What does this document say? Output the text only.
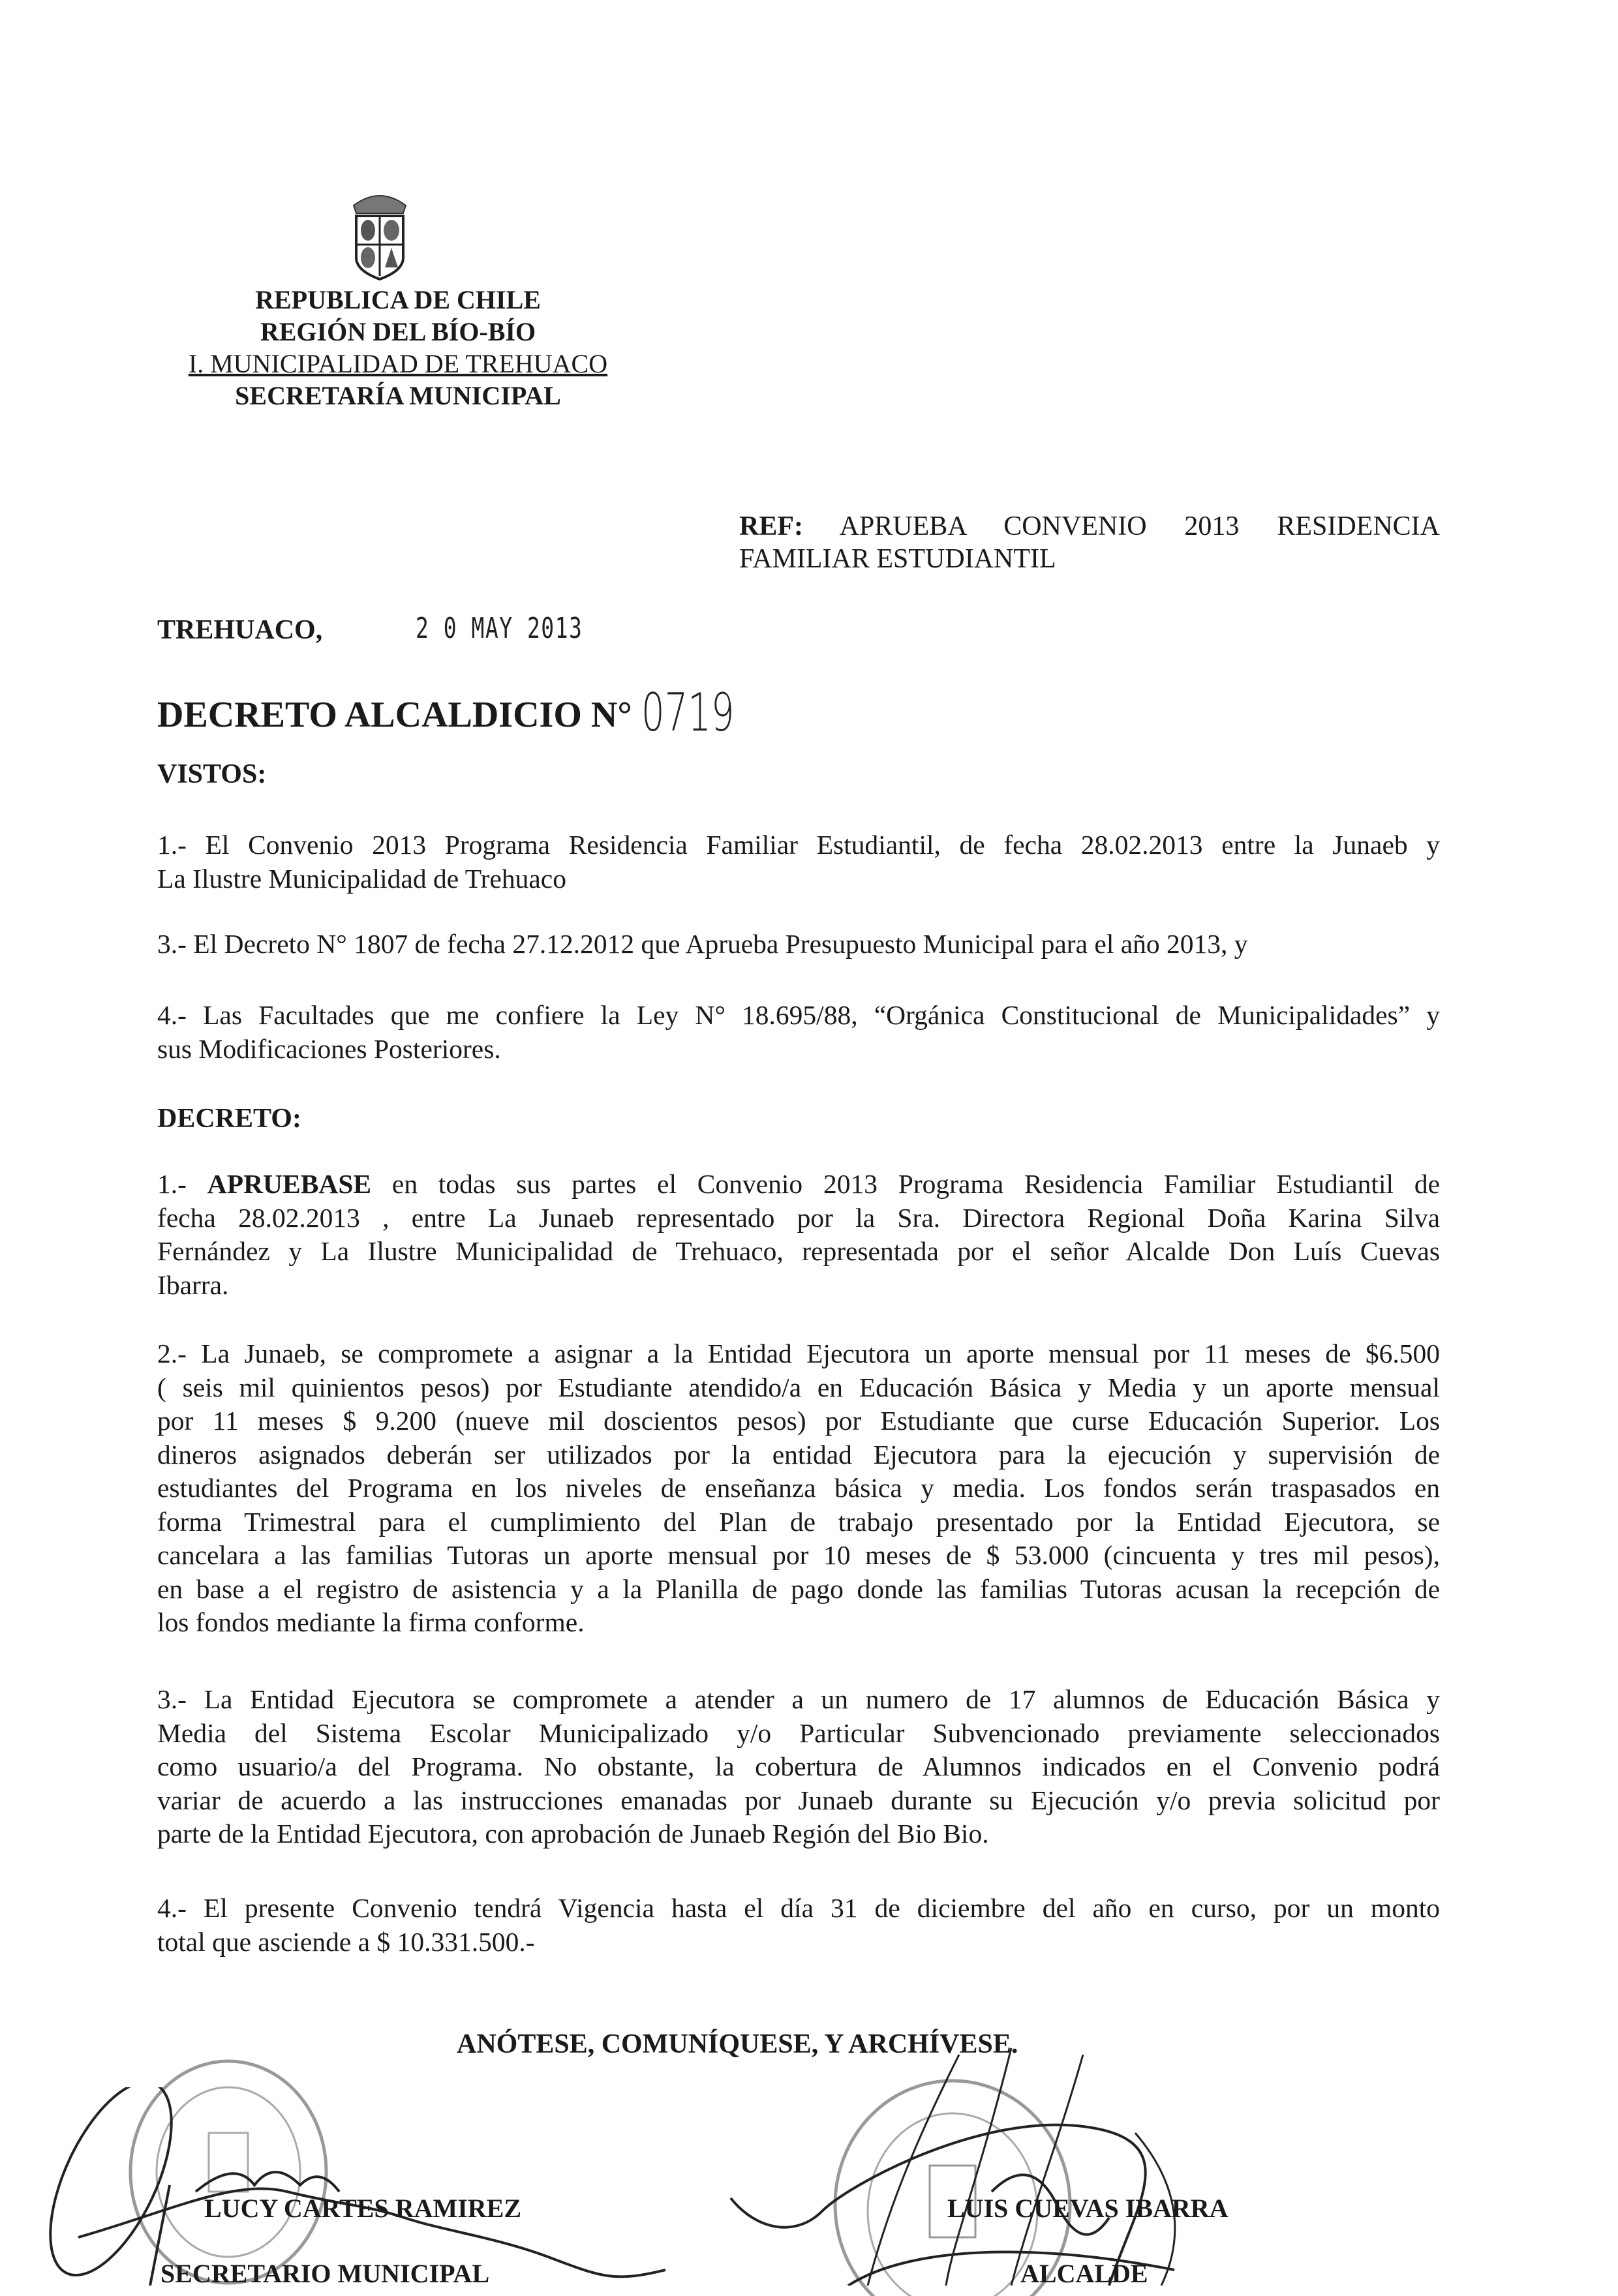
REPUBLICA DE CHILE
REGIÓN DEL BÍO-BÍO
I. MUNICIPALIDAD DE TREHUACO
SECRETARÍA MUNICIPAL
REF: APRUEBA CONVENIO 2013 RESIDENCIA
FAMILIAR ESTUDIANTIL
TREHUACO,	2 0 MAY 2013
DECRETO ALCALDICIO N° 0719
VISTOS:
1.- El Convenio 2013 Programa Residencia Familiar Estudiantil, de fecha 28.02.2013 entre la Junaeb y
La Ilustre Municipalidad de Trehuaco
3.- El Decreto N° 1807 de fecha 27.12.2012 que Aprueba Presupuesto Municipal para el año 2013, y
4.- Las Facultades que me confiere la Ley N° 18.695/88, “Orgánica Constitucional de Municipalidades” y
sus Modificaciones Posteriores.
DECRETO:
1.- APRUEBASE en todas sus partes el Convenio 2013 Programa Residencia Familiar Estudiantil de
fecha 28.02.2013 , entre La Junaeb representado por la Sra. Directora Regional Doña Karina Silva
Fernández y La Ilustre Municipalidad de Trehuaco, representada por el señor Alcalde Don Luís Cuevas
Ibarra.
2.- La Junaeb, se compromete a asignar a la Entidad Ejecutora un aporte mensual por 11 meses de $6.500
( seis mil quinientos pesos) por Estudiante atendido/a en Educación Básica y Media y un aporte mensual
por 11 meses $ 9.200 (nueve mil doscientos pesos) por Estudiante que curse Educación Superior. Los
dineros asignados deberán ser utilizados por la entidad Ejecutora para la ejecución y supervisión de
estudiantes del Programa en los niveles de enseñanza básica y media. Los fondos serán traspasados en
forma Trimestral para el cumplimiento del Plan de trabajo presentado por la Entidad Ejecutora, se
cancelara a las familias Tutoras un aporte mensual por 10 meses de $ 53.000 (cincuenta y tres mil pesos),
en base a el registro de asistencia y a la Planilla de pago donde las familias Tutoras acusan la recepción de
los fondos mediante la firma conforme.
3.- La Entidad Ejecutora se compromete a atender a un numero de 17 alumnos de Educación Básica y
Media del Sistema Escolar Municipalizado y/o Particular Subvencionado previamente seleccionados
como usuario/a del Programa. No obstante, la cobertura de Alumnos indicados en el Convenio podrá
variar de acuerdo a las instrucciones emanadas por Junaeb durante su Ejecución y/o previa solicitud por
parte de la Entidad Ejecutora, con aprobación de Junaeb Región del Bio Bio.
4.- El presente Convenio tendrá Vigencia hasta el día 31 de diciembre del año en curso, por un monto
total que asciende a $ 10.331.500.-
ANÓTESE, COMUNÍQUESE, Y ARCHÍVESE.
LUCY CARTES RAMIREZ
SECRETARIO MUNICIPAL
LUIS CUEVAS IBARRA
ALCALDE
